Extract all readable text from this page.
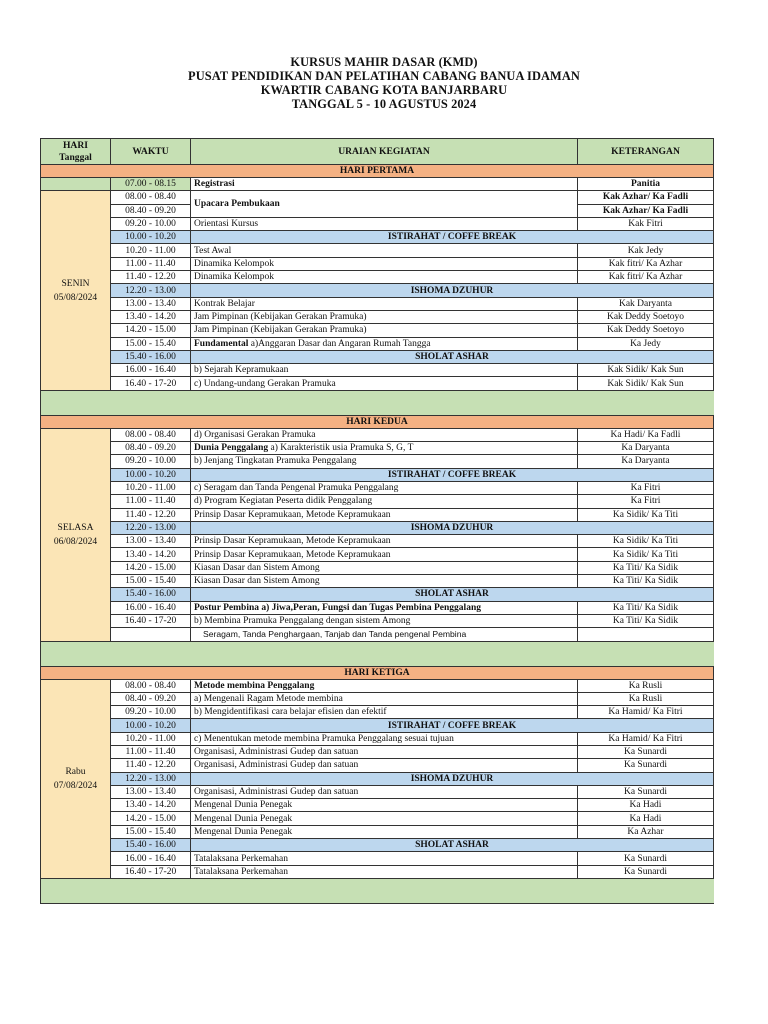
KURSUS MAHIR DASAR (KMD)
PUSAT PENDIDIKAN DAN PELATIHAN CABANG BANUA IDAMAN
KWARTIR CABANG KOTA BANJARBARU
TANGGAL 5 - 10 AGUSTUS 2024
HARI
Tanggal	WAKTU	URAIAN KEGIATAN	KETERANGAN
HARI PERTAMA			
	07.00 - 08.15	Registrasi	Panitia
SENIN
05/08/2024	08.00 - 08.40	Upacara Pembukaan	Kak Azhar/ Ka Fadli
	08.40 - 09.20		Kak Azhar/ Ka Fadli
	09.20 - 10.00	Orientasi Kursus	Kak Fitri
	10.00 - 10.20	ISTIRAHAT / COFFE BREAK	
	10.20 - 11.00	Test Awal	Kak Jedy
	11.00 - 11.40	Dinamika Kelompok	Kak fitri/ Ka Azhar
	11.40 - 12.20	Dinamika Kelompok	Kak fitri/ Ka Azhar
	12.20 - 13.00	ISHOMA DZUHUR	
	13.00 - 13.40	Kontrak Belajar	Kak Daryanta
	13.40 - 14.20	Jam Pimpinan (Kebijakan Gerakan Pramuka)	Kak Deddy Soetoyo
	14.20 - 15.00	Jam Pimpinan (Kebijakan Gerakan Pramuka)	Kak Deddy Soetoyo
	15.00 - 15.40	Fundamental a)Anggaran Dasar dan Angaran Rumah Tangga	Ka Jedy
	15.40 - 16.00	SHOLAT ASHAR	
	16.00 - 16.40	b) Sejarah Kepramukaan	Kak Sidik/ Kak Sun
	16.40 - 17-20	c) Undang-undang Gerakan Pramuka	Kak Sidik/ Kak Sun

HARI KEDUA			
SELASA
06/08/2024	08.00 - 08.40	d) Organisasi Gerakan Pramuka	Ka Hadi/ Ka Fadli
	08.40 - 09.20	Dunia Penggalang a) Karakteristik usia Pramuka S, G, T	Ka Daryanta
	09.20 - 10.00	b) Jenjang Tingkatan Pramuka Penggalang	Ka Daryanta
	10.00 - 10.20	ISTIRAHAT / COFFE BREAK	
	10.20 - 11.00	c) Seragam dan Tanda Pengenal Pramuka Penggalang	Ka Fitri
	11.00 - 11.40	d) Program Kegiatan Peserta didik Penggalang	Ka Fitri
	11.40 - 12.20	Prinsip Dasar Kepramukaan, Metode Kepramukaan	Ka Sidik/ Ka Titi
	12.20 - 13.00	ISHOMA DZUHUR	
	13.00 - 13.40	Prinsip Dasar Kepramukaan, Metode Kepramukaan	Ka Sidik/ Ka Titi
	13.40 - 14.20	Prinsip Dasar Kepramukaan, Metode Kepramukaan	Ka Sidik/ Ka Titi
	14.20 - 15.00	Kiasan Dasar dan Sistem Among	Ka Titi/ Ka Sidik
	15.00 - 15.40	Kiasan Dasar dan Sistem Among	Ka Titi/ Ka Sidik
	15.40 - 16.00	SHOLAT ASHAR	
	16.00 - 16.40	Postur Pembina a) Jiwa,Peran, Fungsi dan Tugas Pembina Penggalang	Ka Titi/ Ka Sidik
	16.40 - 17-20	b) Membina Pramuka Penggalang dengan sistem Among	Ka Titi/ Ka Sidik
		Seragam, Tanda Penghargaan, Tanjab dan Tanda pengenal Pembina	

HARI KETIGA			
Rabu
07/08/2024	08.00 - 08.40	Metode membina Penggalang	Ka Rusli
	08.40 - 09.20	a) Mengenali Ragam Metode membina	Ka Rusli
	09.20 - 10.00	b) Mengidentifikasi cara belajar efisien dan efektif	Ka Hamid/ Ka Fitri
	10.00 - 10.20	ISTIRAHAT / COFFE BREAK	
	10.20 - 11.00	c) Menentukan metode membina Pramuka Penggalang sesuai tujuan	Ka Hamid/ Ka Fitri
	11.00 - 11.40	Organisasi, Administrasi Gudep dan satuan	Ka Sunardi
	11.40 - 12.20	Organisasi, Administrasi Gudep dan satuan	Ka Sunardi
	12.20 - 13.00	ISHOMA DZUHUR	
	13.00 - 13.40	Organisasi, Administrasi Gudep dan satuan	Ka Sunardi
	13.40 - 14.20	Mengenal Dunia Penegak	Ka Hadi
	14.20 - 15.00	Mengenal Dunia Penegak	Ka Hadi
	15.00 - 15.40	Mengenal Dunia Penegak	Ka Azhar
	15.40 - 16.00	SHOLAT ASHAR	
	16.00 - 16.40	Tatalaksana Perkemahan	Ka Sunardi
	16.40 - 17-20	Tatalaksana Perkemahan	Ka Sunardi
